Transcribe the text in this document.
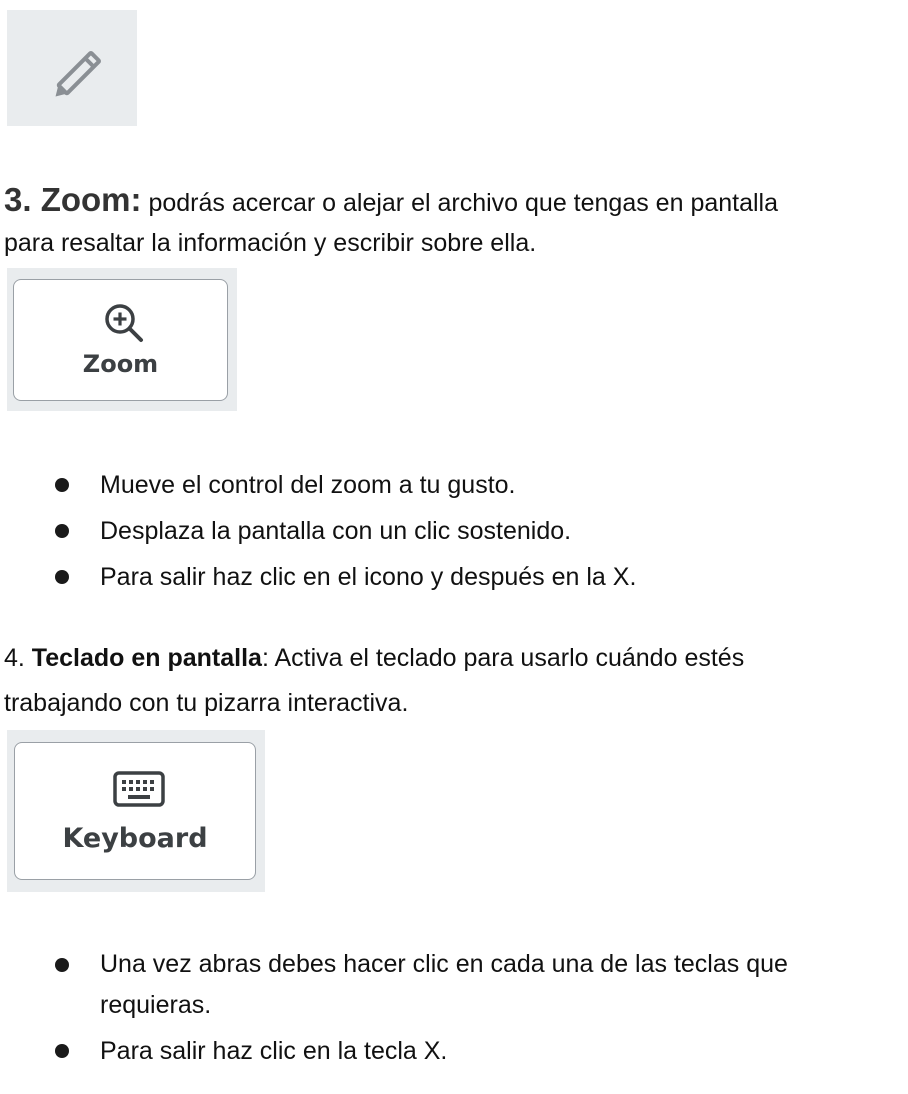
3. Zoom: podrás acercar o alejar el archivo que tengas en pantalla
para resaltar la información y escribir sobre ella.
Zoom
Mueve el control del zoom a tu gusto.
Desplaza la pantalla con un clic sostenido.
Para salir haz clic en el icono y después en la X.
4. Teclado en pantalla: Activa el teclado para usarlo cuándo estés
trabajando con tu pizarra interactiva.
Keyboard
Una vez abras debes hacer clic en cada una de las teclas que requieras.
Para salir haz clic en la tecla X.
